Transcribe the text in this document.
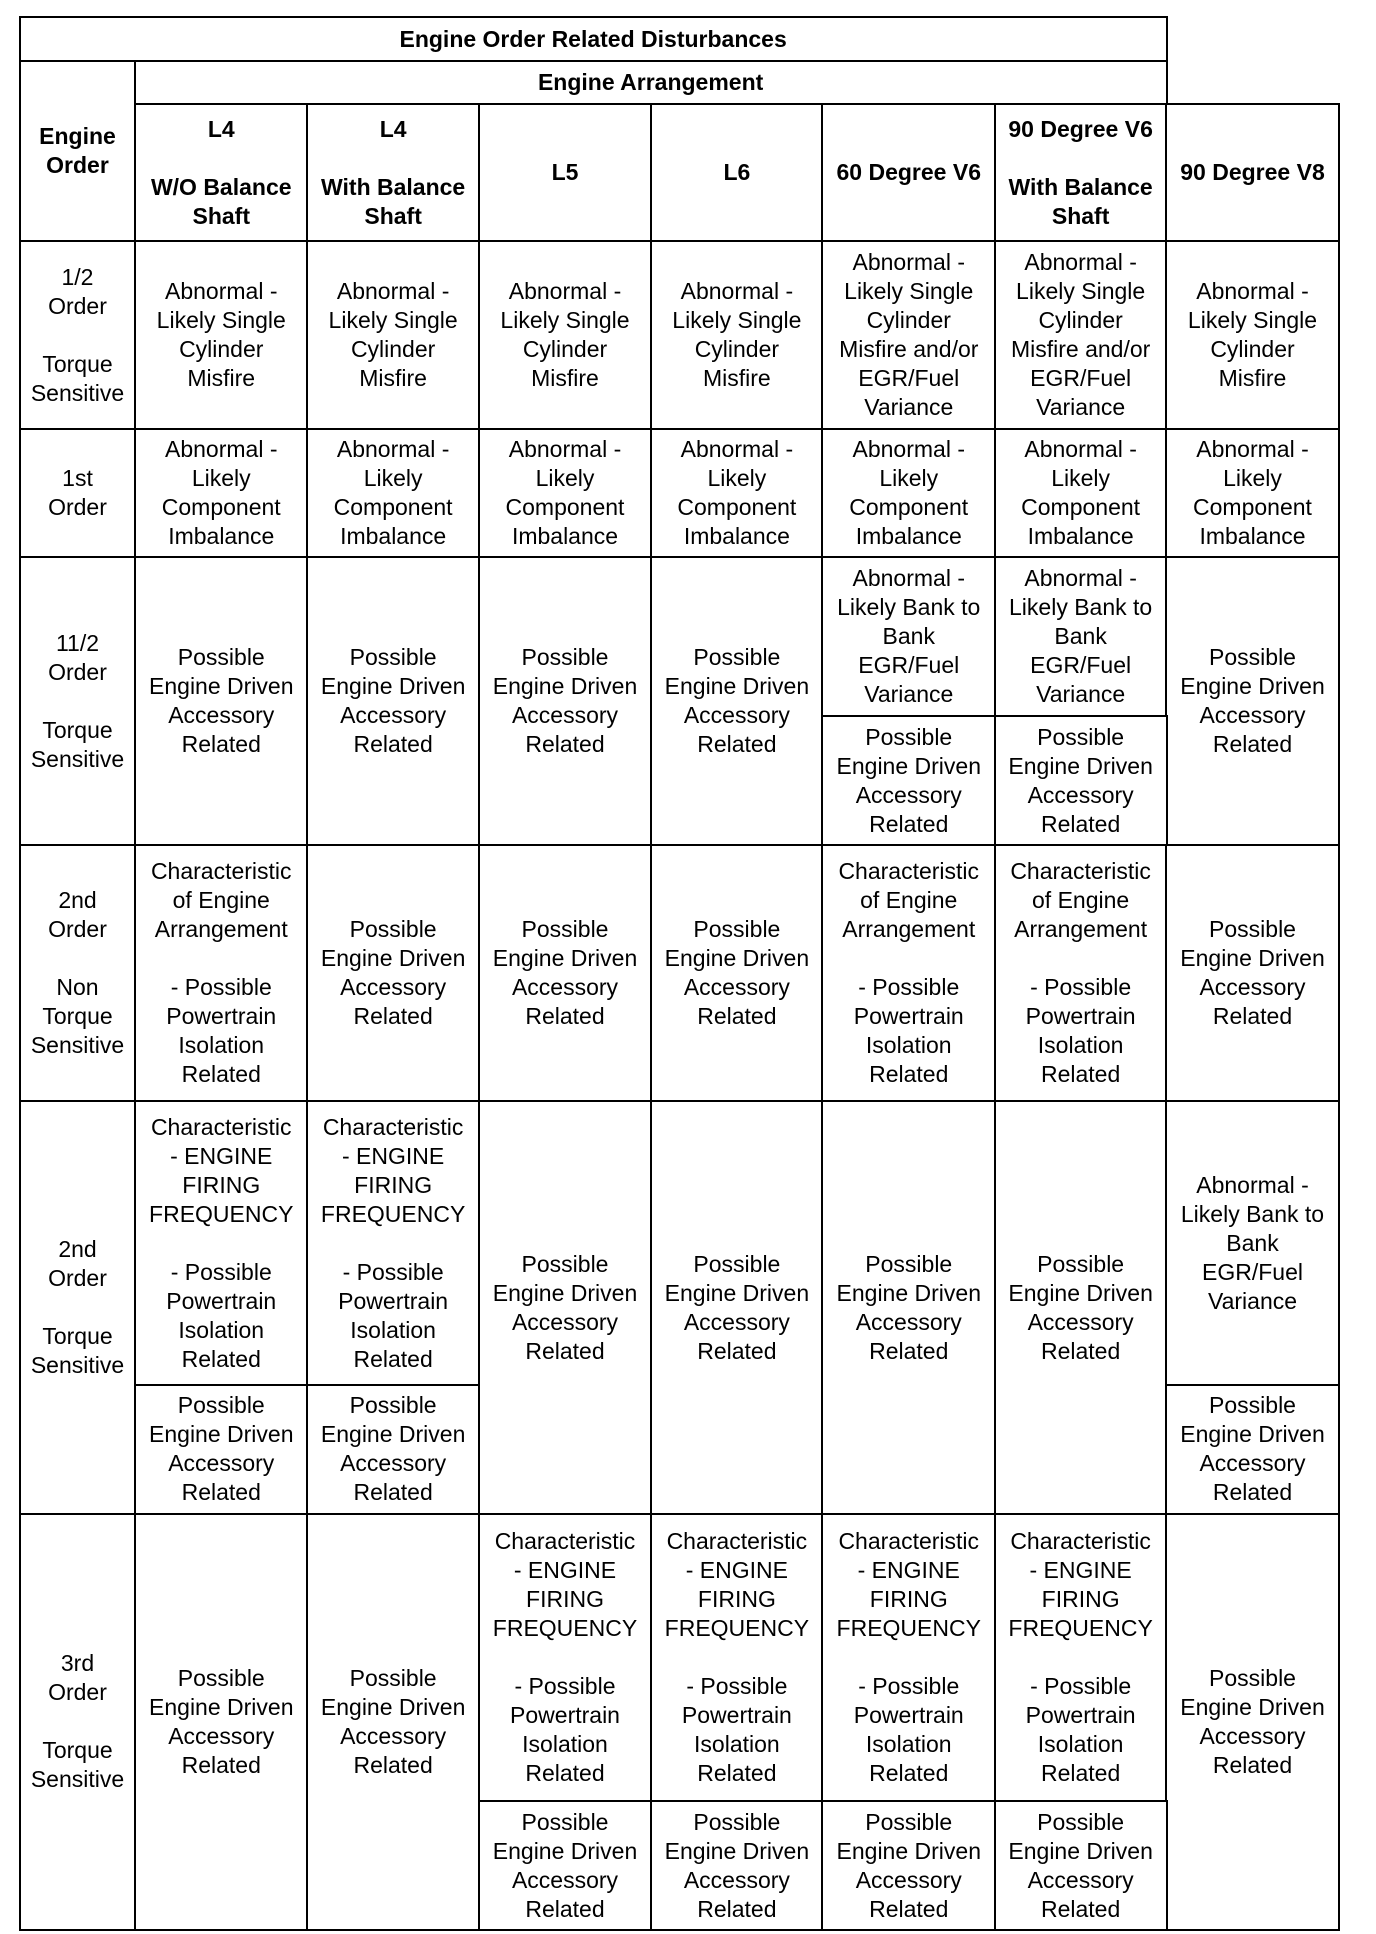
Engine Order Related Disturbances
Engine Arrangement
Engine
Order
L4
W/O Balance
Shaft
L4
With Balance
Shaft
L5	L6	60 Degree V6
90 Degree V6
With Balance
Shaft
90 Degree V8
1/2
Order
Torque
Sensitive
1st
Order
11/2
Order
Torque
Sensitive
2nd
Order
Non
Torque
Sensitive
2nd
Order
Torque
Sensitive
3rd
Order
Torque
Sensitive
Abnormal -
Likely Single
Cylinder
Misfire
Abnormal -
Likely Single
Cylinder
Misfire
Abnormal -
Likely Single
Cylinder
Misfire
Abnormal -
Likely Single
Cylinder
Misfire
Abnormal -
Likely Single
Cylinder
Misfire and/or
EGR/Fuel
Variance
Abnormal -
Likely Single
Cylinder
Misfire and/or
EGR/Fuel
Variance
Abnormal -
Likely Single
Cylinder
Misfire
Abnormal -
Likely
Component
Imbalance
Abnormal -
Likely
Component
Imbalance
Abnormal -
Likely
Component
Imbalance
Abnormal -
Likely
Component
Imbalance
Abnormal -
Likely
Component
Imbalance
Abnormal -
Likely
Component
Imbalance
Abnormal -
Likely
Component
Imbalance
Possible
Engine Driven
Accessory
Related
Possible
Engine Driven
Accessory
Related
Possible
Engine Driven
Accessory
Related
Possible
Engine Driven
Accessory
Related
Abnormal -
Likely Bank to
Bank
EGR/Fuel
Variance
Abnormal -
Likely Bank to
Bank
EGR/Fuel
Variance
Possible
Engine Driven
Accessory
Related
Possible
Engine Driven
Accessory
Related
Possible
Engine Driven
Accessory
Related
Characteristic
of Engine
Arrangement
- Possible
Powertrain
Isolation
Related
Possible
Engine Driven
Accessory
Related
Possible
Engine Driven
Accessory
Related
Possible
Engine Driven
Accessory
Related
Characteristic
of Engine
Arrangement
- Possible
Powertrain
Isolation
Related
Characteristic
of Engine
Arrangement
- Possible
Powertrain
Isolation
Related
Possible
Engine Driven
Accessory
Related
Characteristic
- ENGINE
FIRING
FREQUENCY
- Possible
Powertrain
Isolation
Related
Characteristic
- ENGINE
FIRING
FREQUENCY
- Possible
Powertrain
Isolation
Related
Possible
Engine Driven
Accessory
Related
Possible
Engine Driven
Accessory
Related
Possible
Engine Driven
Accessory
Related
Possible
Engine Driven
Accessory
Related
Abnormal -
Likely Bank to
Bank
EGR/Fuel
Variance
Possible
Engine Driven
Accessory
Related
Possible
Engine Driven
Accessory
Related
Possible
Engine Driven
Accessory
Related
Possible
Engine Driven
Accessory
Related
Possible
Engine Driven
Accessory
Related
Characteristic
- ENGINE
FIRING
FREQUENCY
- Possible
Powertrain
Isolation
Related
Characteristic
- ENGINE
FIRING
FREQUENCY
- Possible
Powertrain
Isolation
Related
Characteristic
- ENGINE
FIRING
FREQUENCY
- Possible
Powertrain
Isolation
Related
Characteristic
- ENGINE
FIRING
FREQUENCY
- Possible
Powertrain
Isolation
Related
Possible
Engine Driven
Accessory
Related
Possible
Engine Driven
Accessory
Related
Possible
Engine Driven
Accessory
Related
Possible
Engine Driven
Accessory
Related
Possible
Engine Driven
Accessory
Related
